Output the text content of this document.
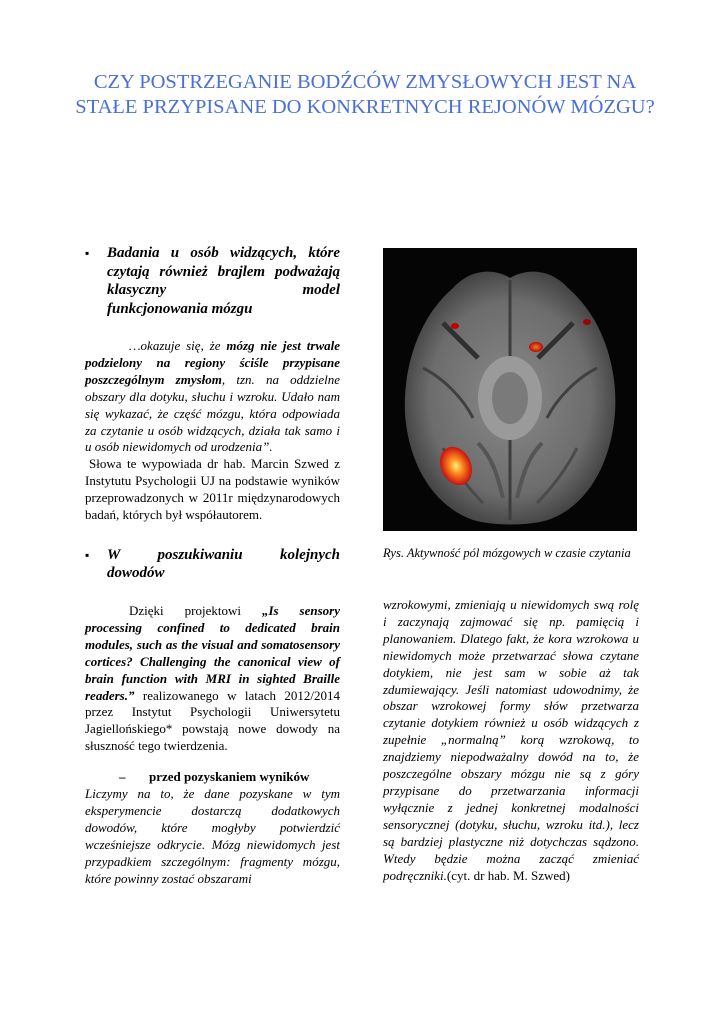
CZY POSTRZEGANIE BODŹCÓW ZMYSŁOWYCH JEST NA STAŁE PRZYPISANE DO KONKRETNYCH REJONÓW MÓZGU?
▪	Badania u osób widzących, które czytają również brajlem podważają klasyczny model
funkcjonowania mózgu

…okazuje się, że mózg nie jest trwale podzielony na regiony ściśle przypisane poszczególnym zmysłom, tzn. na oddzielne obszary dla dotyku, słuchu i wzroku. Udało nam się wykazać, że część mózgu, która odpowiada za czytanie u osób widzących, działa tak samo i u osób niewidomych od urodzenia”.

Słowa te wypowiada dr hab. Marcin Szwed z Instytutu Psychologii UJ na podstawie wyników przeprowadzonych w 2011r międzynarodowych badań, których był współautorem.

▪	W poszukiwaniu kolejnych
dowodów

Dzięki projektowi „Is sensory processing confined to dedicated brain modules, such as the visual and somatosensory cortices? Challenging the canonical view of brain function with MRI in sighted Braille readers.” realizowanego w latach 2012/2014 przez Instytut Psychologii Uniwersytetu Jagiellońskiego* powstają nowe dowody na słuszność tego twierdzenia.

–	przed pozyskaniem wyników

Liczymy na to, że dane pozyskane w tym eksperymencie dostarczą dodatkowych dowodów, które mogłyby potwierdzić wcześniejsze odkrycie. Mózg niewidomych jest przypadkiem szczególnym: fragmenty mózgu, które powinny zostać obszarami

Rys. Aktywność pól mózgowych w czasie czytania
wzrokowymi, zmieniają u niewidomych swą rolę i zaczynają zajmować się np. pamięcią i planowaniem. Dlatego fakt, że kora wzrokowa u niewidomych może przetwarzać słowa czytane dotykiem, nie jest sam w sobie aż tak zdumiewający. Jeśli natomiast udowodnimy, że obszar wzrokowej formy słów przetwarza czytanie dotykiem również u osób widzących z zupełnie „normalną” korą wzrokową, to znajdziemy niepodważalny dowód na to, że poszczególne obszary mózgu nie są z góry przypisane do przetwarzania informacji wyłącznie z jednej konkretnej modalności sensorycznej (dotyku, słuchu, wzroku itd.), lecz są bardziej plastyczne niż dotychczas sądzono. Wtedy będzie można zacząć zmieniać podręczniki.(cyt. dr hab. M. Szwed)
